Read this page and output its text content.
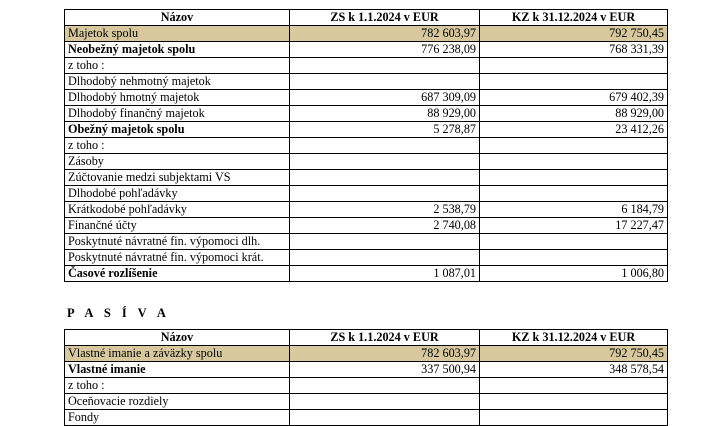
Názov	ZS k 1.1.2024 v EUR	KZ k 31.12.2024 v EUR
Majetok spolu	782 603,97	792 750,45
Neobežný majetok spolu	776 238,09	768 331,39
z toho :		
Dlhodobý nehmotný majetok		
Dlhodobý hmotný majetok	687 309,09	679 402,39
Dlhodobý finančný majetok	88 929,00	88 929,00
Obežný majetok spolu	5 278,87	23 412,26
z toho :		
Zásoby		
Zúčtovanie medzi subjektami VS		
Dlhodobé pohľadávky		
Krátkodobé pohľadávky	2 538,79	6 184,79
Finančné účty	2 740,08	17 227,47
Poskytnuté návratné fin. výpomoci dlh.		
Poskytnuté návratné fin. výpomoci krát.		
Časové rozlíšenie	1 087,01	1 006,80
P A S Í V A
Názov	ZS k 1.1.2024 v EUR	KZ k 31.12.2024 v EUR
Vlastné imanie a záväzky spolu	782 603,97	792 750,45
Vlastné imanie	337 500,94	348 578,54
z toho :		
Oceňovacie rozdiely		
Fondy		
